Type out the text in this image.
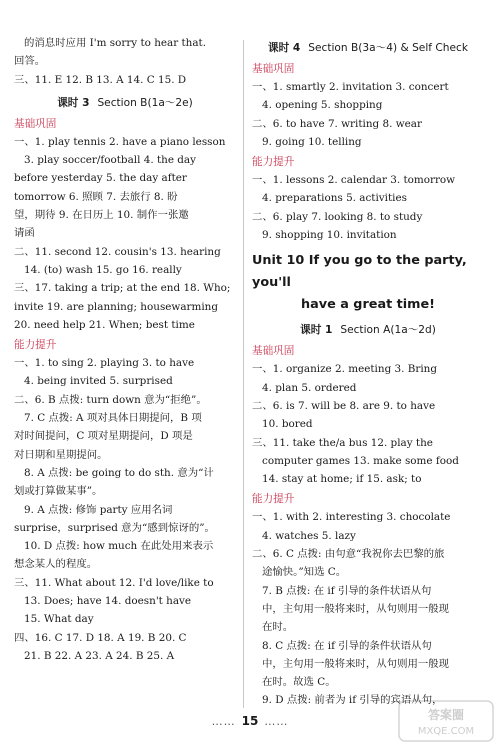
的消息时应用 I'm sorry to hear that.
回答。
三、11. E 12. B 13. A 14. C 15. D
课时 3 Section B(1a～2e)
基础巩固
一、1. play tennis 2. have a piano lesson
3. play soccer/football 4. the day
before yesterday 5. the day after
tomorrow 6. 照顾 7. 去旅行 8. 盼
望，期待 9. 在日历上 10. 制作一张邀
请函
二、11. second 12. cousin's 13. hearing
14. (to) wash 15. go 16. really
三、17. taking a trip; at the end 18. Who;
invite 19. are planning; housewarming
20. need help 21. When; best time
能力提升
一、1. to sing 2. playing 3. to have
4. being invited 5. surprised
二、6. B 点拨: turn down 意为“拒绝”。
7. C 点拨: A 项对具体日期提问，B 项
对时间提问，C 项对星期提问，D 项是
对日期和星期提问。
8. A 点拨: be going to do sth. 意为“计
划或打算做某事”。
9. A 点拨: 修饰 party 应用名词
surprise，surprised 意为“感到惊讶的”。
10. D 点拨: how much 在此处用来表示
想念某人的程度。
三、11. What about 12. I'd love/like to
13. Does; have 14. doesn't have
15. What day
四、16. C 17. D 18. A 19. B 20. C
21. B 22. A 23. A 24. B 25. A
课时 4 Section B(3a～4) & Self Check
基础巩固
一、1. smartly 2. invitation 3. concert
4. opening 5. shopping
二、6. to have 7. writing 8. wear
9. going 10. telling
能力提升
一、1. lessons 2. calendar 3. tomorrow
4. preparations 5. activities
二、6. play 7. looking 8. to study
9. shopping 10. invitation
Unit 10 If you go to the party, you'll
have a great time!
课时 1 Section A(1a～2d)
基础巩固
一、1. organize 2. meeting 3. Bring
4. plan 5. ordered
二、6. is 7. will be 8. are 9. to have
10. bored
三、11. take the/a bus 12. play the
computer games 13. make some food
14. stay at home; if 15. ask; to
能力提升
一、1. with 2. interesting 3. chocolate
4. watches 5. lazy
二、6. C 点拨: 由句意“我祝你去巴黎的旅
途愉快。”知选 C。
7. B 点拨: 在 if 引导的条件状语从句
中，主句用一般将来时，从句则用一般现
在时。
8. C 点拨: 在 if 引导的条件状语从句
中，主句用一般将来时，从句则用一般现
在时。故选 C。
9. D 点拨: 前者为 if 引导的宾语从句，
…… 15 ……	答案圈
MXQE.COM
